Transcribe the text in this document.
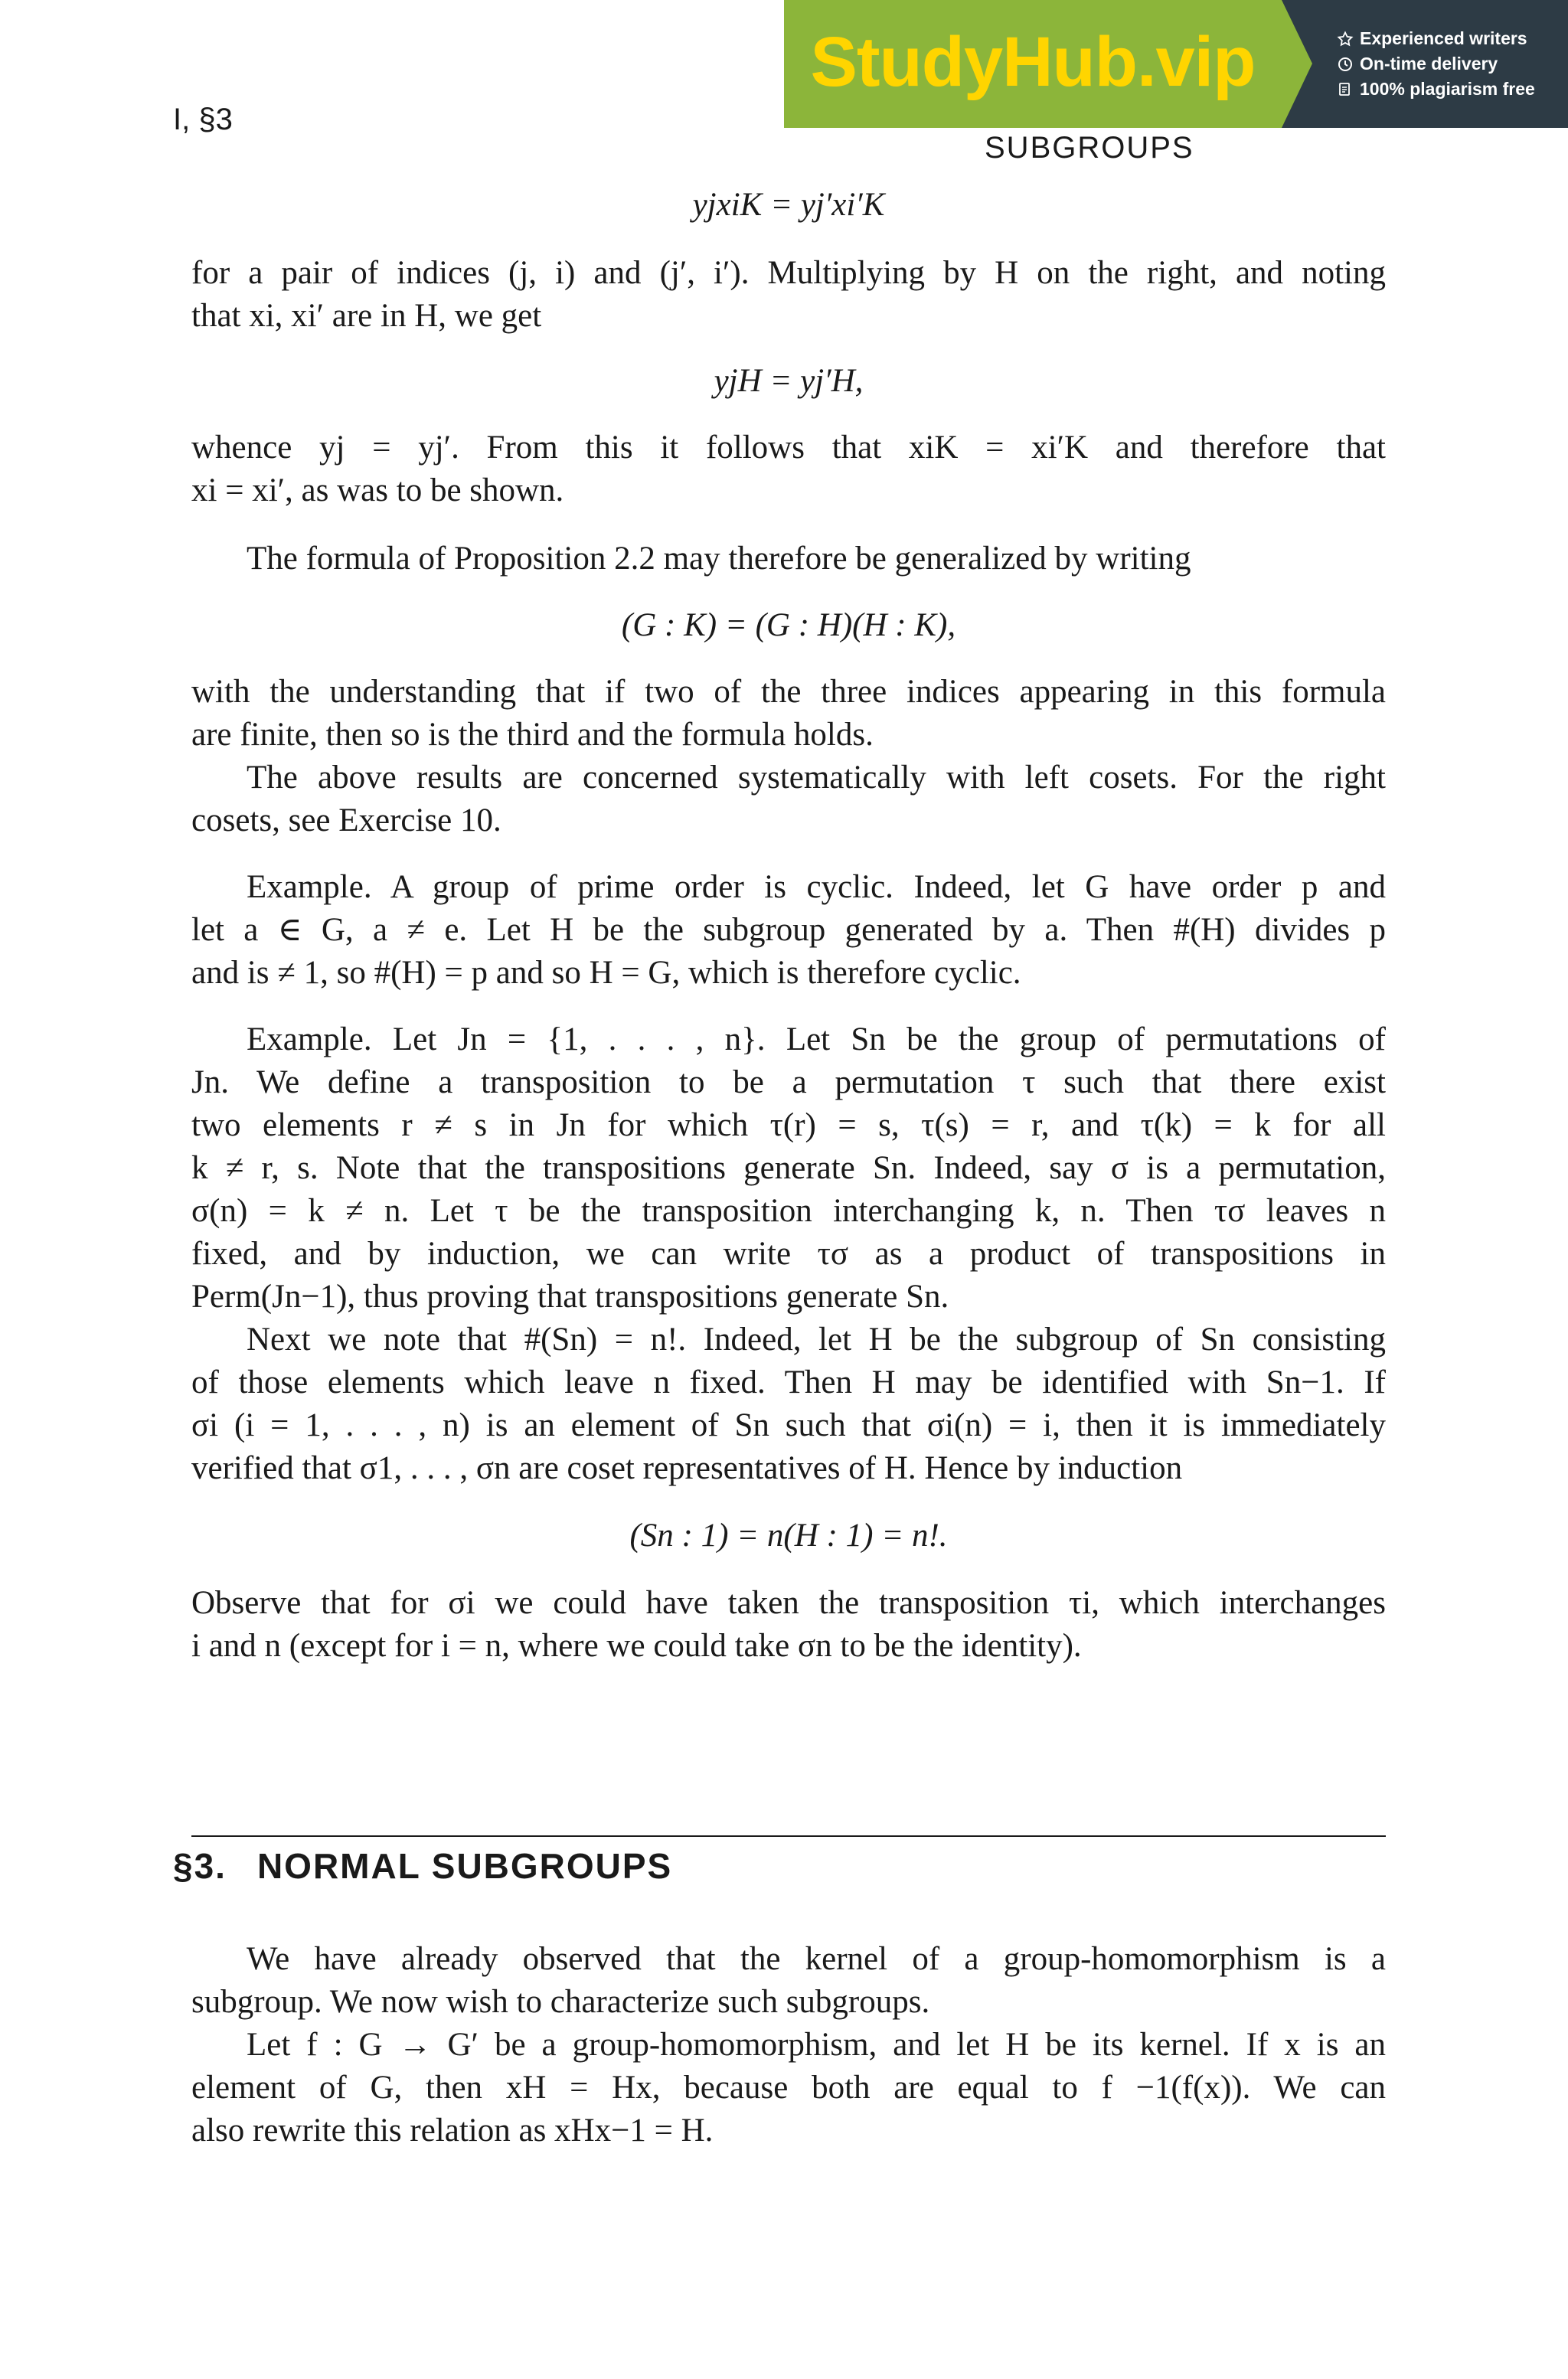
I, §3
SUBGROUPS
StudyHub.vip	Experienced writers
On-time delivery
100% plagiarism free
yjxiK = yj′xi′K
for a pair of indices (j, i) and (j′, i′). Multiplying by H on the right, and noting
that xi, xi′ are in H, we get
yjH = yj′H,
whence yj = yj′. From this it follows that xiK = xi′K and therefore that
xi = xi′, as was to be shown.
The formula of Proposition 2.2 may therefore be generalized by writing
(G : K) = (G : H)(H : K),
with the understanding that if two of the three indices appearing in this formula
are finite, then so is the third and the formula holds.
The above results are concerned systematically with left cosets. For the right
cosets, see Exercise 10.
Example. A group of prime order is cyclic. Indeed, let G have order p and
let a ∈ G, a ≠ e. Let H be the subgroup generated by a. Then #(H) divides p
and is ≠ 1, so #(H) = p and so H = G, which is therefore cyclic.
Example. Let Jn = {1, . . . , n}. Let Sn be the group of permutations of
Jn. We define a transposition to be a permutation τ such that there exist
two elements r ≠ s in Jn for which τ(r) = s, τ(s) = r, and τ(k) = k for all
k ≠ r, s. Note that the transpositions generate Sn. Indeed, say σ is a permutation,
σ(n) = k ≠ n. Let τ be the transposition interchanging k, n. Then τσ leaves n
fixed, and by induction, we can write τσ as a product of transpositions in
Perm(Jn−1), thus proving that transpositions generate Sn.
Next we note that #(Sn) = n!. Indeed, let H be the subgroup of Sn consisting
of those elements which leave n fixed. Then H may be identified with Sn−1. If
σi (i = 1, . . . , n) is an element of Sn such that σi(n) = i, then it is immediately
verified that σ1, . . . , σn are coset representatives of H. Hence by induction
(Sn : 1) = n(H : 1) = n!.
Observe that for σi we could have taken the transposition τi, which interchanges
i and n (except for i = n, where we could take σn to be the identity).
§3. NORMAL SUBGROUPS
We have already observed that the kernel of a group-homomorphism is a
subgroup. We now wish to characterize such subgroups.
Let f : G → G′ be a group-homomorphism, and let H be its kernel. If x is an
element of G, then xH = Hx, because both are equal to f −1(f(x)). We can
also rewrite this relation as xHx−1 = H.
